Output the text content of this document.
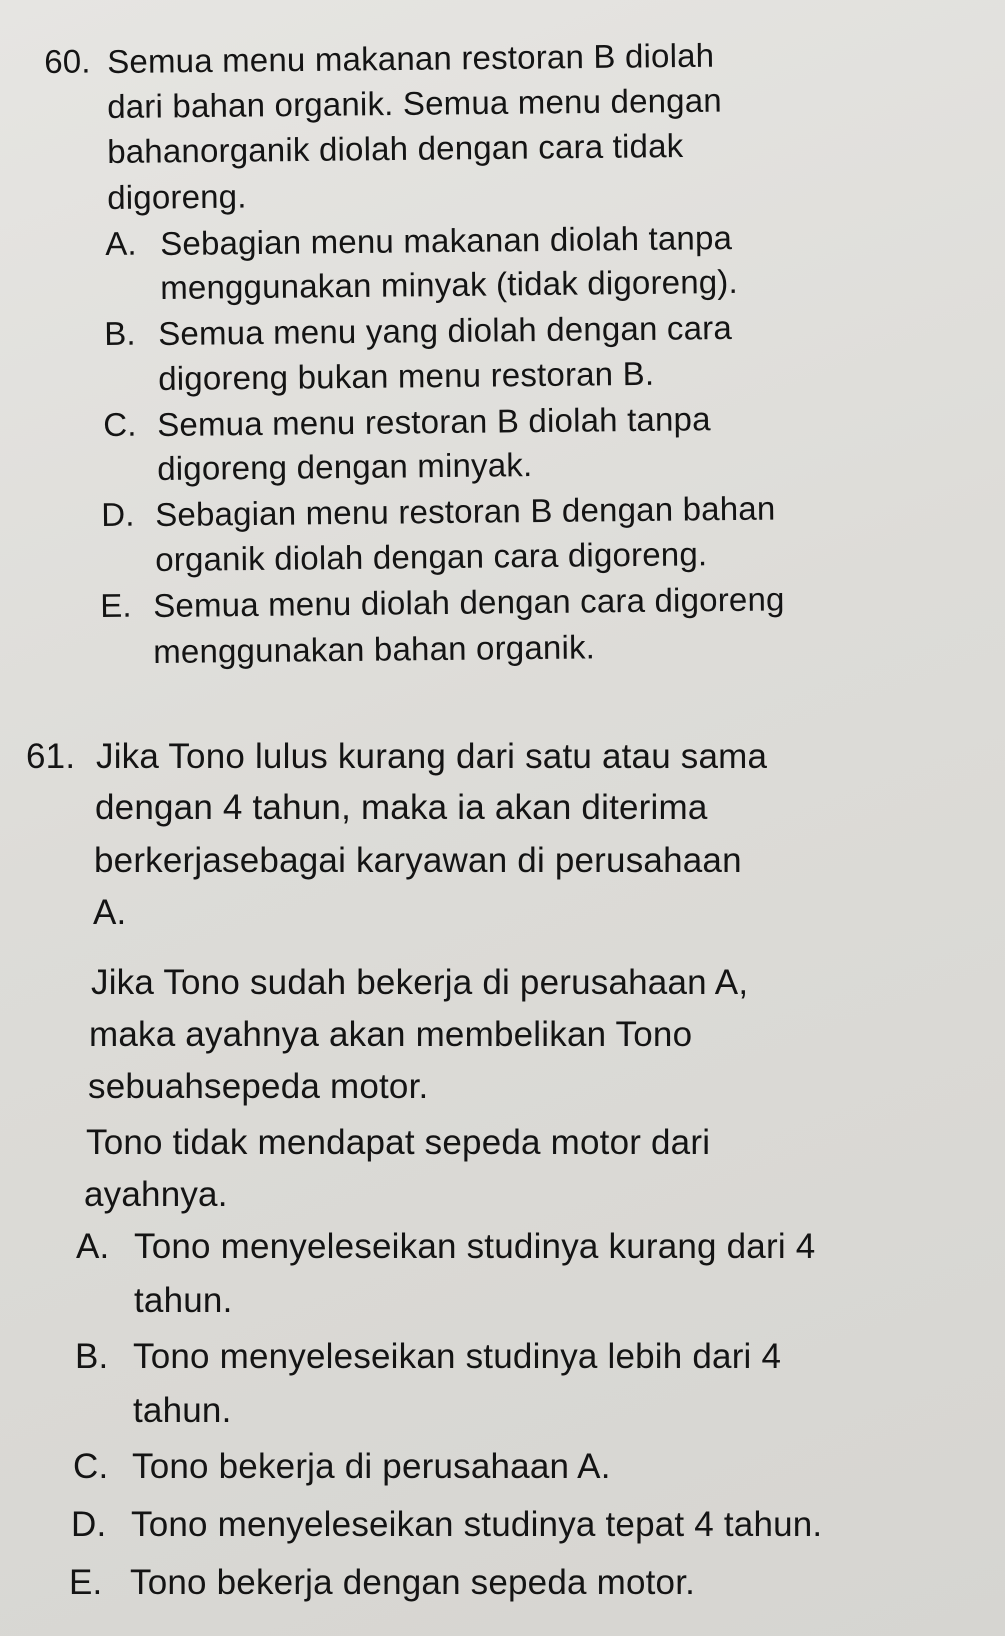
60. Semua menu makanan restoran B diolah
dari bahan organik. Semua menu dengan
bahanorganik diolah dengan cara tidak
digoreng.
A. Sebagian menu makanan diolah tanpa
menggunakan minyak (tidak digoreng).
B. Semua menu yang diolah dengan cara
digoreng bukan menu restoran B.
C. Semua menu restoran B diolah tanpa
digoreng dengan minyak.
D. Sebagian menu restoran B dengan bahan
organik diolah dengan cara digoreng.
E. Semua menu diolah dengan cara digoreng
menggunakan bahan organik.
61. Jika Tono lulus kurang dari satu atau sama
dengan 4 tahun, maka ia akan diterima
berkerjasebagai karyawan di perusahaan
A.
Jika Tono sudah bekerja di perusahaan A,
maka ayahnya akan membelikan Tono
sebuahsepeda motor.
Tono tidak mendapat sepeda motor dari
ayahnya.
A. Tono menyeleseikan studinya kurang dari 4
tahun.
B. Tono menyeleseikan studinya lebih dari 4
tahun.
C. Tono bekerja di perusahaan A.
D. Tono menyeleseikan studinya tepat 4 tahun.
E. Tono bekerja dengan sepeda motor.
